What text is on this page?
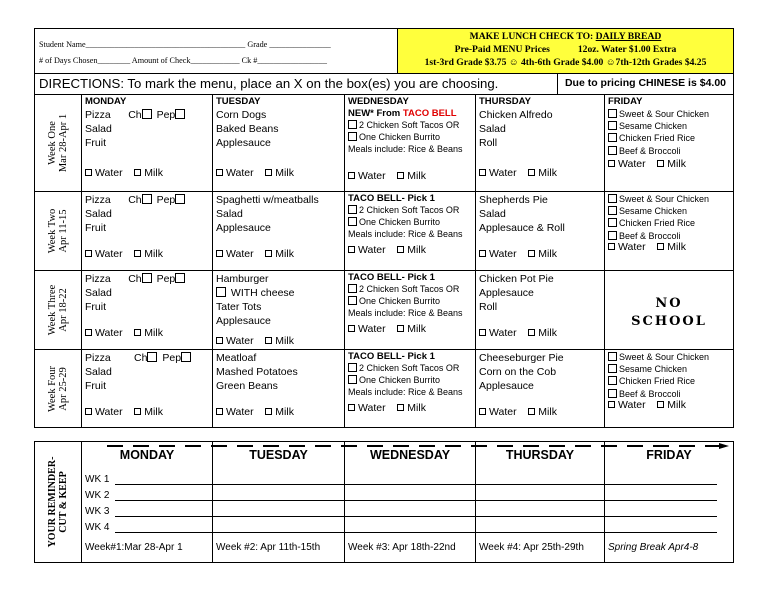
Student Name_______________________________________ Grade _______________
# of Days Chosen________ Amount of Check____________ Ck #_________________
MAKE LUNCH CHECK TO: DAILY BREAD
Pre-Paid MENU Prices	12oz. Water $1.00 Extra
1st-3rd Grade $3.75 ☺ 4th-6th Grade $4.00 ☺7th-12th Grades $4.25
DIRECTIONS: To mark the menu, place an X on the box(es) you are choosing.	Due to pricing CHINESE is $4.00
Week One Mar 28-Apr 1
Week Two Apr 11-15
Week Three Apr 18-22
Week Four Apr 25-29
MONDAY
Pizza Ch Pep
Salad
Fruit
Water Milk
TUESDAY
Corn Dogs
Baked Beans
Applesauce
Water Milk
WEDNESDAY
NEW* From TACO BELL
2 Chicken Soft Tacos OR
One Chicken Burrito
Meals include: Rice & Beans
Water Milk
THURSDAY
Chicken Alfredo
Salad
Roll
Water Milk
FRIDAY
Sweet & Sour Chicken
Sesame Chicken
Chicken Fried Rice
Beef & Broccoli
Water Milk
Pizza Ch Pep
Salad
Fruit
Water Milk
Spaghetti w/meatballs
Salad
Applesauce
Water Milk
TACO BELL- Pick 1
2 Chicken Soft Tacos OR
One Chicken Burrito
Meals include: Rice & Beans
Water Milk
Shepherds Pie
Salad
Applesauce & Roll
Water Milk
Sweet & Sour Chicken
Sesame Chicken
Chicken Fried Rice
Beef & Broccoli
Water Milk
Pizza Ch Pep
Salad
Fruit
Water Milk
Hamburger
WITH cheese
Tater Tots
Applesauce
Water Milk
TACO BELL- Pick 1
2 Chicken Soft Tacos OR
One Chicken Burrito
Meals include: Rice & Beans
Water Milk
Chicken Pot Pie
Applesauce
Roll
Water Milk
NO
SCHOOL
Pizza Ch Pep
Salad
Fruit
Water Milk
Meatloaf
Mashed Potatoes
Green Beans
Water Milk
TACO BELL- Pick 1
2 Chicken Soft Tacos OR
One Chicken Burrito
Meals include: Rice & Beans
Water Milk
Cheeseburger Pie
Corn on the Cob
Applesauce
Water Milk
Sweet & Sour Chicken
Sesame Chicken
Chicken Fried Rice
Beef & Broccoli
Water Milk
YOUR REMINDER- CUT & KEEP
MONDAY
Week#1:Mar 28-Apr 1
TUESDAY
Week #2: Apr 11th-15th
WEDNESDAY
Week #3: Apr 18th-22nd
THURSDAY
Week #4: Apr 25th-29th
FRIDAY
Spring Break Apr4-8
WK 1
WK 2
WK 3
WK 4
